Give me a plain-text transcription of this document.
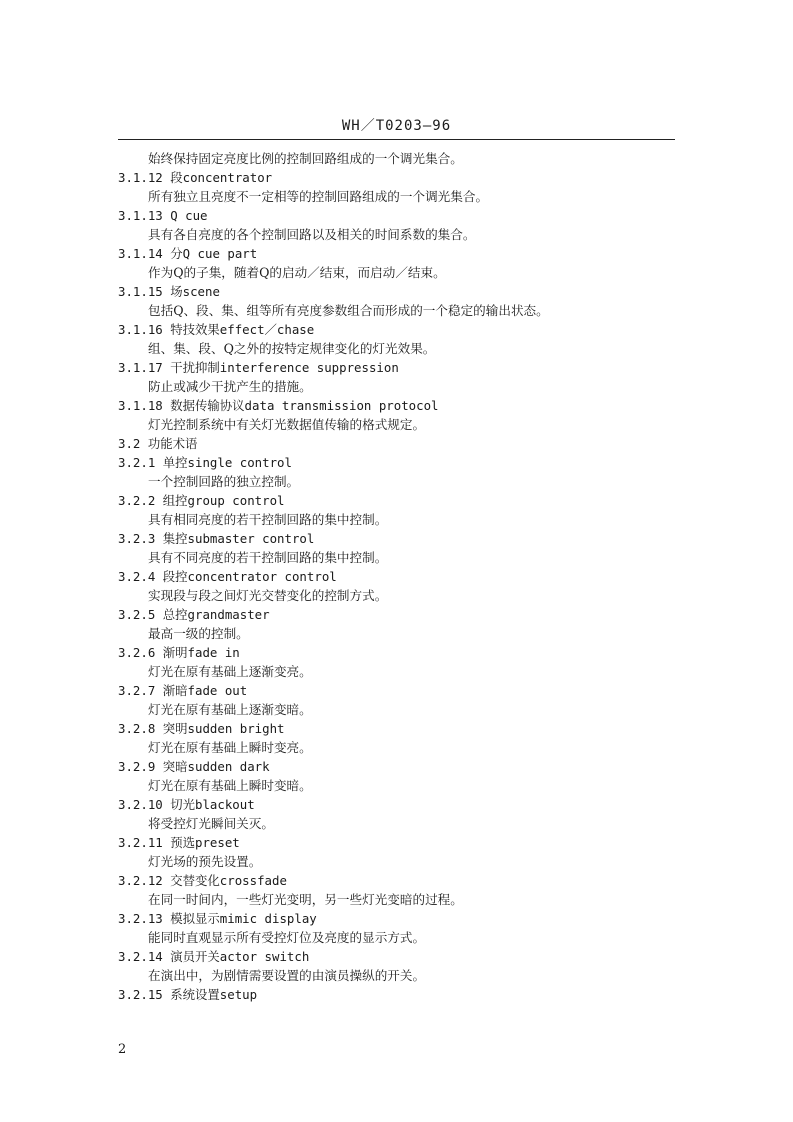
WH／T0203—96
始终保持固定亮度比例的控制回路组成的一个调光集合。
3.1.12 段concentrator
所有独立且亮度不一定相等的控制回路组成的一个调光集合。
3.1.13 Q cue
具有各自亮度的各个控制回路以及相关的时间系数的集合。
3.1.14 分Q cue part
作为Q的子集，随着Q的启动／结束，而启动／结束。
3.1.15 场scene
包括Q、段、集、组等所有亮度参数组合而形成的一个稳定的输出状态。
3.1.16 特技效果effect／chase
组、集、段、Q之外的按特定规律变化的灯光效果。
3.1.17 干扰抑制interference suppression
防止或减少干扰产生的措施。
3.1.18 数据传输协议data transmission protocol
灯光控制系统中有关灯光数据值传输的格式规定。
3.2 功能术语
3.2.1 单控single control
一个控制回路的独立控制。
3.2.2 组控group control
具有相同亮度的若干控制回路的集中控制。
3.2.3 集控submaster control
具有不同亮度的若干控制回路的集中控制。
3.2.4 段控concentrator control
实现段与段之间灯光交替变化的控制方式。
3.2.5 总控grandmaster
最高一级的控制。
3.2.6 渐明fade in
灯光在原有基础上逐渐变亮。
3.2.7 渐暗fade out
灯光在原有基础上逐渐变暗。
3.2.8 突明sudden bright
灯光在原有基础上瞬时变亮。
3.2.9 突暗sudden dark
灯光在原有基础上瞬时变暗。
3.2.10 切光blackout
将受控灯光瞬间关灭。
3.2.11 预选preset
灯光场的预先设置。
3.2.12 交替变化crossfade
在同一时间内，一些灯光变明，另一些灯光变暗的过程。
3.2.13 模拟显示mimic display
能同时直观显示所有受控灯位及亮度的显示方式。
3.2.14 演员开关actor switch
在演出中，为剧情需要设置的由演员操纵的开关。
3.2.15 系统设置setup
2
